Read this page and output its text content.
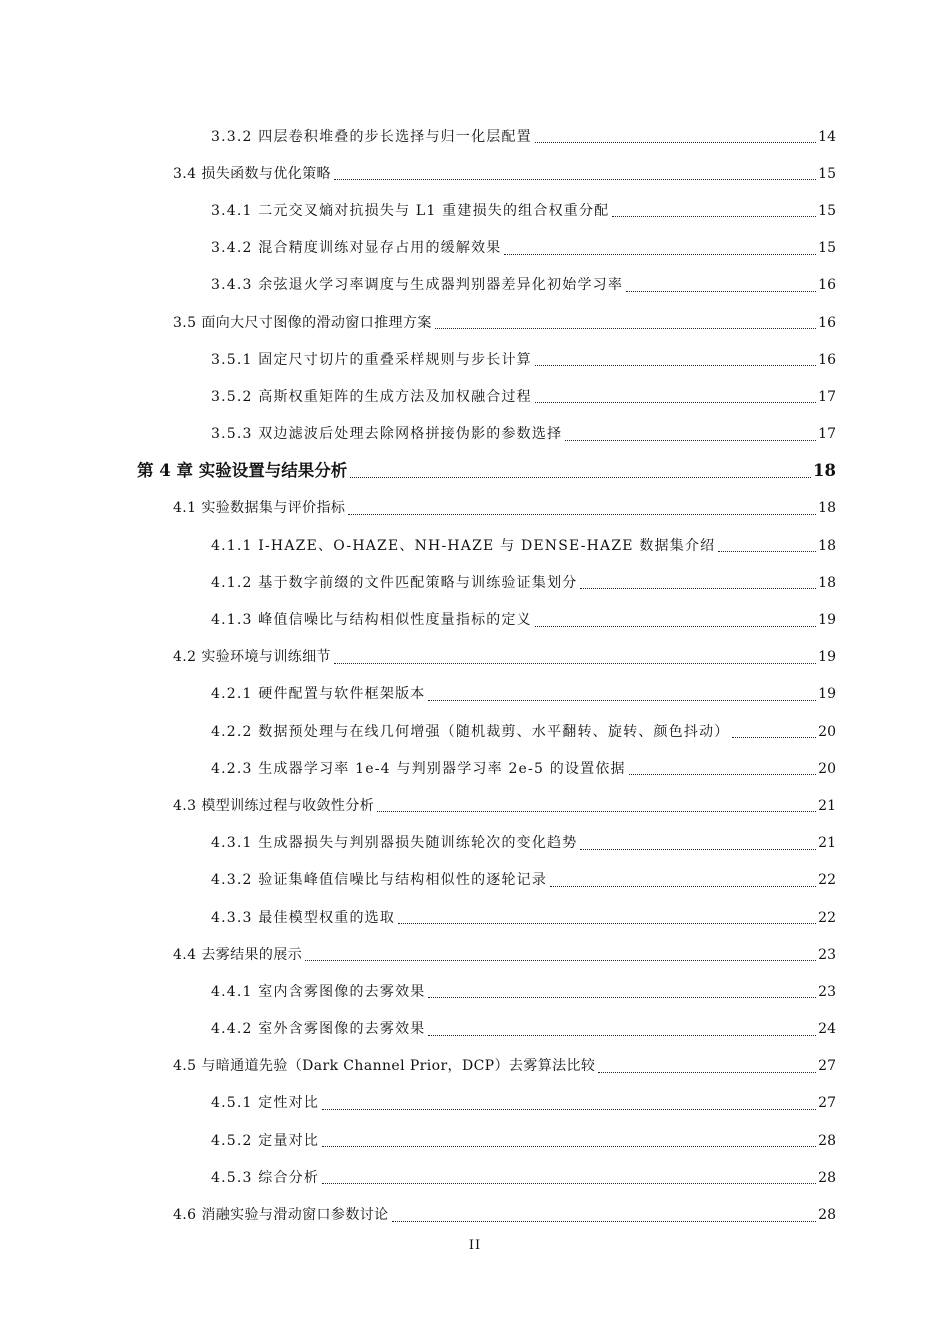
3.3.2 四层卷积堆叠的步长选择与归一化层配置	14
3.4 损失函数与优化策略	15
3.4.1 二元交叉熵对抗损失与 L1 重建损失的组合权重分配	15
3.4.2 混合精度训练对显存占用的缓解效果	15
3.4.3 余弦退火学习率调度与生成器判别器差异化初始学习率	16
3.5 面向大尺寸图像的滑动窗口推理方案	16
3.5.1 固定尺寸切片的重叠采样规则与步长计算	16
3.5.2 高斯权重矩阵的生成方法及加权融合过程	17
3.5.3 双边滤波后处理去除网格拼接伪影的参数选择	17
第 4 章 实验设置与结果分析	18
4.1 实验数据集与评价指标	18
4.1.1 I-HAZE、O-HAZE、NH-HAZE 与 DENSE-HAZE 数据集介绍	18
4.1.2 基于数字前缀的文件匹配策略与训练验证集划分	18
4.1.3 峰值信噪比与结构相似性度量指标的定义	19
4.2 实验环境与训练细节	19
4.2.1 硬件配置与软件框架版本	19
4.2.2 数据预处理与在线几何增强（随机裁剪、水平翻转、旋转、颜色抖动）	20
4.2.3 生成器学习率 1e-4 与判别器学习率 2e-5 的设置依据	20
4.3 模型训练过程与收敛性分析	21
4.3.1 生成器损失与判别器损失随训练轮次的变化趋势	21
4.3.2 验证集峰值信噪比与结构相似性的逐轮记录	22
4.3.3 最佳模型权重的选取	22
4.4 去雾结果的展示	23
4.4.1 室内含雾图像的去雾效果	23
4.4.2 室外含雾图像的去雾效果	24
4.5 与暗通道先验（Dark Channel Prior，DCP）去雾算法比较	27
4.5.1 定性对比	27
4.5.2 定量对比	28
4.5.3 综合分析	28
4.6 消融实验与滑动窗口参数讨论	28
II
